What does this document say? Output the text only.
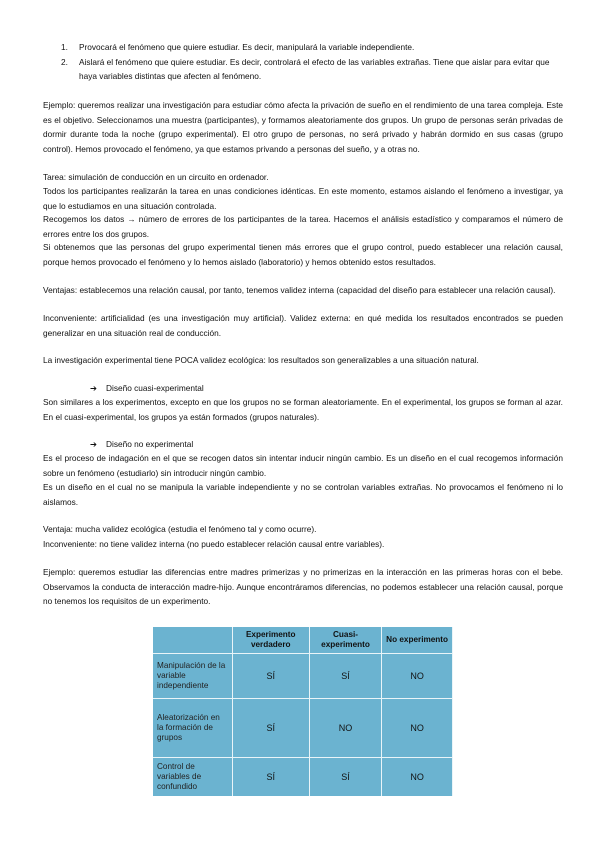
1. Provocará el fenómeno que quiere estudiar. Es decir, manipulará la variable independiente.
2. Aislará el fenómeno que quiere estudiar. Es decir, controlará el efecto de las variables extrañas. Tiene que aislar para evitar que haya variables distintas que afecten al fenómeno.

Ejemplo: queremos realizar una investigación para estudiar cómo afecta la privación de sueño en el rendimiento de una tarea compleja. Este es el objetivo. Seleccionamos una muestra (participantes), y formamos aleatoriamente dos grupos. Un grupo de personas serán privadas de dormir durante toda la noche (grupo experimental). El otro grupo de personas, no será privado y habrán dormido en sus casas (grupo control). Hemos provocado el fenómeno, ya que estamos privando a personas del sueño, y a otras no.

Tarea: simulación de conducción en un circuito en ordenador.

Todos los participantes realizarán la tarea en unas condiciones idénticas. En este momento, estamos aislando el fenómeno a investigar, ya que lo estudiamos en una situación controlada.

Recogemos los datos → número de errores de los participantes de la tarea. Hacemos el análisis estadístico y comparamos el número de errores entre los dos grupos.

Si obtenemos que las personas del grupo experimental tienen más errores que el grupo control, puedo establecer una relación causal, porque hemos provocado el fenómeno y lo hemos aislado (laboratorio) y hemos obtenido estos resultados.

Ventajas: establecemos una relación causal, por tanto, tenemos validez interna (capacidad del diseño para establecer una relación causal).

Inconveniente: artificialidad (es una investigación muy artificial). Validez externa: en qué medida los resultados encontrados se pueden generalizar en una situación real de conducción.

La investigación experimental tiene POCA validez ecológica: los resultados son generalizables a una situación natural.

➔ Diseño cuasi-experimental

Son similares a los experimentos, excepto en que los grupos no se forman aleatoriamente. En el experimental, los grupos se forman al azar. En el cuasi-experimental, los grupos ya están formados (grupos naturales).

➔ Diseño no experimental

Es el proceso de indagación en el que se recogen datos sin intentar inducir ningún cambio. Es un diseño en el cual recogemos información sobre un fenómeno (estudiarlo) sin introducir ningún cambio.

Es un diseño en el cual no se manipula la variable independiente y no se controlan variables extrañas. No provocamos el fenómeno ni lo aislamos.

Ventaja: mucha validez ecológica (estudia el fenómeno tal y como ocurre).

Inconveniente: no tiene validez interna (no puedo establecer relación causal entre variables).

Ejemplo: queremos estudiar las diferencias entre madres primerizas y no primerizas en la interacción en las primeras horas con el bebe. Observamos la conducta de interacción madre-hijo. Aunque encontráramos diferencias, no podemos establecer una relación causal, porque no tenemos los requisitos de un experimento.

	Experimento verdadero	Cuasi-experimento	No experimento
Manipulación de la variable independiente	SÍ	SÍ	NO
Aleatorización en la formación de grupos	SÍ	NO	NO
Control de variables de confundido	SÍ	SÍ	NO
